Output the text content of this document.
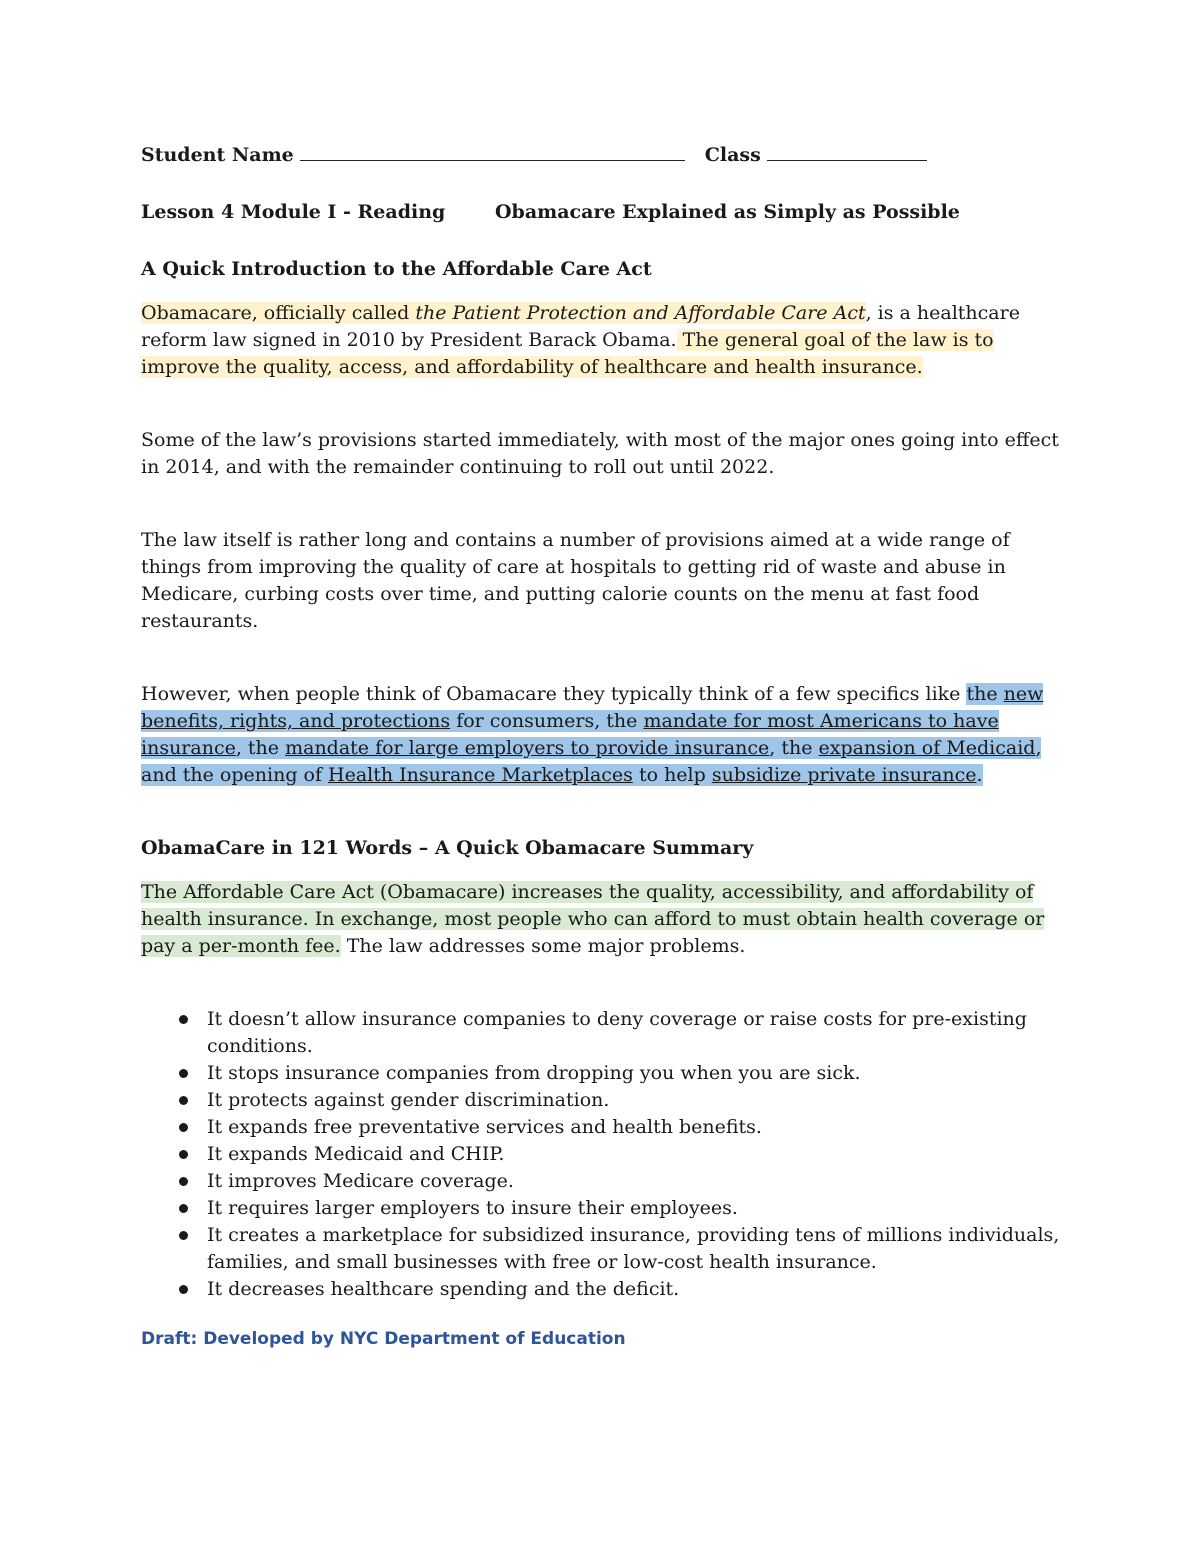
Student Name	Class
Lesson 4 Module I - Reading	Obamacare Explained as Simply as Possible
A Quick Introduction to the Affordable Care Act

Obamacare, officially called the Patient Protection and Affordable Care Act, is a healthcare reform law signed in 2010 by President Barack Obama. The general goal of the law is to improve the quality, access, and affordability of healthcare and health insurance.

Some of the law’s provisions started immediately, with most of the major ones going into effect in 2014, and with the remainder continuing to roll out until 2022.

The law itself is rather long and contains a number of provisions aimed at a wide range of things from improving the quality of care at hospitals to getting rid of waste and abuse in Medicare, curbing costs over time, and putting calorie counts on the menu at fast food restaurants.

However, when people think of Obamacare they typically think of a few specifics like the new benefits, rights, and protections for consumers, the mandate for most Americans to have insurance, the mandate for large employers to provide insurance, the expansion of Medicaid, and the opening of Health Insurance Marketplaces to help subsidize private insurance.

ObamaCare in 121 Words – A Quick Obamacare Summary

The Affordable Care Act (Obamacare) increases the quality, accessibility, and affordability of health insurance. In exchange, most people who can afford to must obtain health coverage or pay a per-month fee. The law addresses some major problems.

It doesn’t allow insurance companies to deny coverage or raise costs for pre-existing conditions.
It stops insurance companies from dropping you when you are sick.
It protects against gender discrimination.
It expands free preventative services and health benefits.
It expands Medicaid and CHIP.
It improves Medicare coverage.
It requires larger employers to insure their employees.
It creates a marketplace for subsidized insurance, providing tens of millions individuals, families, and small businesses with free or low-cost health insurance.
It decreases healthcare spending and the deficit.
Draft: Developed by NYC Department of Education
